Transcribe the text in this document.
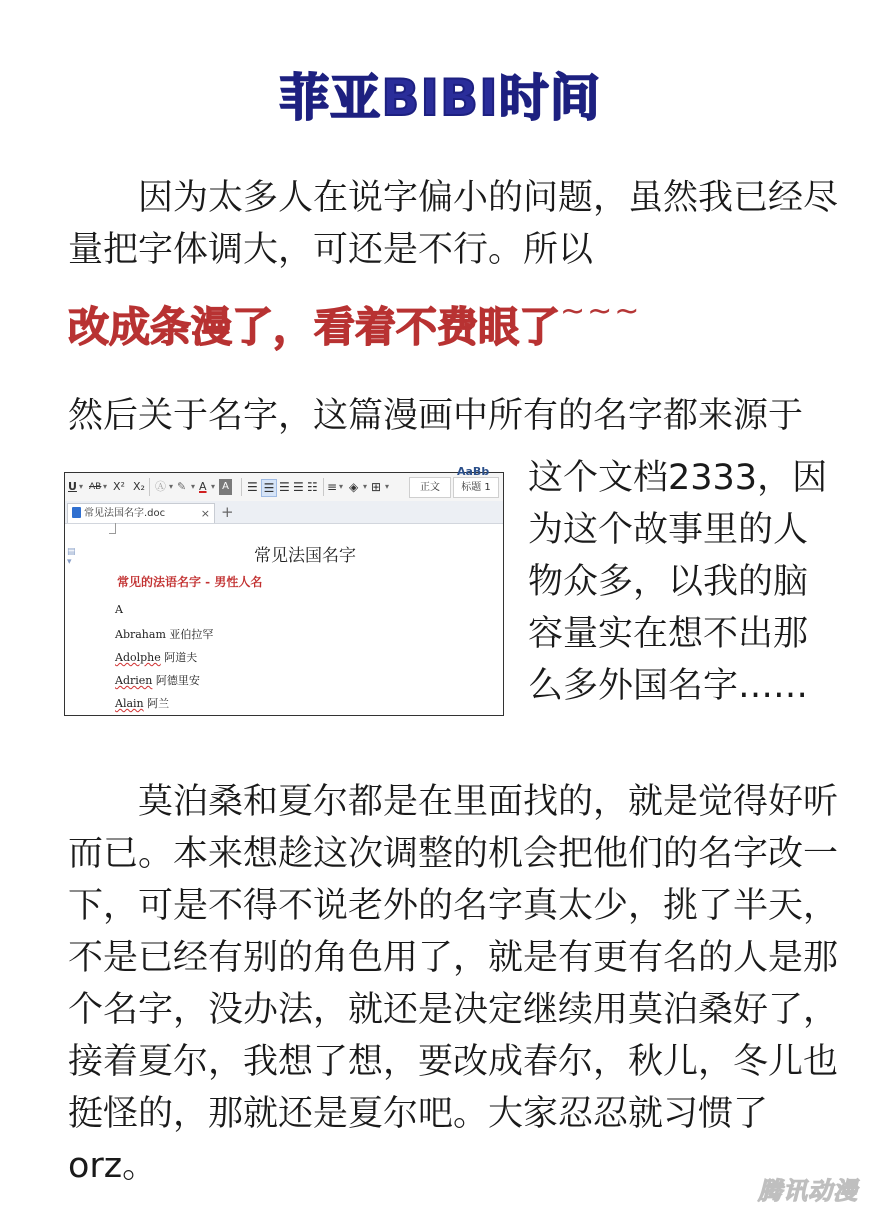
菲亚BIBI时间

因为太多人在说字偏小的问题，虽然我已经尽量把字体调大，可还是不行。所以

改成条漫了，看着不费眼了~~~

然后关于名字，这篇漫画中所有的名字都来源于

U ▾ AB ▾ X² X₂ Ⓐ ▾ ✎ ▾ A ▾ A ☰ ☰ ☰ ☰ ☷ ≡ ▾ ◈ ▾ ⊞ ▾	正文	标题 1
AaBb
常见法国名字.doc	× +
▤ ▾	常见法国名字
常见的法语名字 - 男性人名
A
Abraham 亚伯拉罕
Adolphe 阿道夫
Adrien 阿德里安
Alain 阿兰

这个文档2333，因为这个故事里的人物众多，以我的脑容量实在想不出那么多外国名字……

莫泊桑和夏尔都是在里面找的，就是觉得好听而已。本来想趁这次调整的机会把他们的名字改一下，可是不得不说老外的名字真太少，挑了半天，不是已经有别的角色用了，就是有更有名的人是那个名字，没办法，就还是决定继续用莫泊桑好了，接着夏尔，我想了想，要改成春尔，秋儿，冬儿也挺怪的，那就还是夏尔吧。大家忍忍就习惯了orz。

腾讯动漫
